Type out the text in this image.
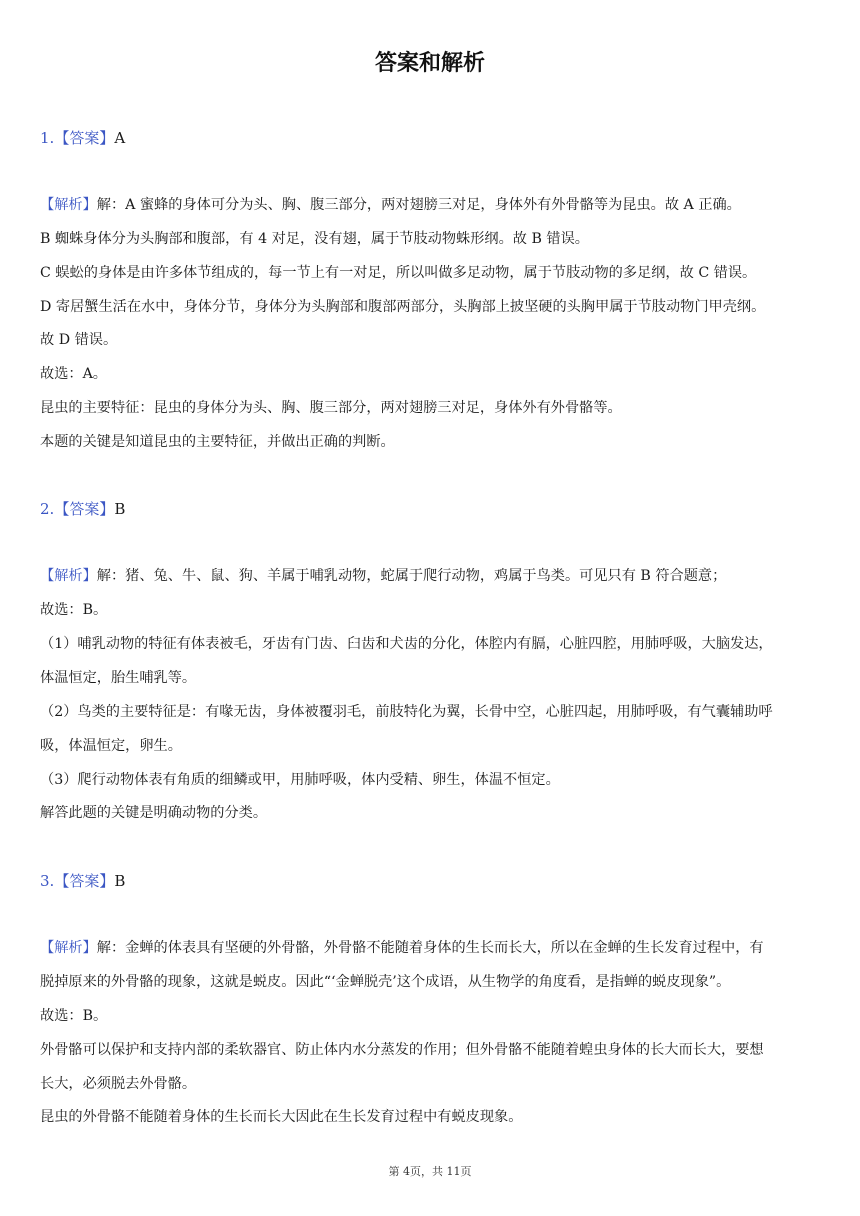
答案和解析
1.【答案】A
【解析】解：A 蜜蜂的身体可分为头、胸、腹三部分，两对翅膀三对足，身体外有外骨骼等为昆虫。故 A 正确。
B 蜘蛛身体分为头胸部和腹部，有 4 对足，没有翅，属于节肢动物蛛形纲。故 B 错误。
C 蜈蚣的身体是由许多体节组成的，每一节上有一对足，所以叫做多足动物，属于节肢动物的多足纲，故 C 错误。
D 寄居蟹生活在水中，身体分节，身体分为头胸部和腹部两部分，头胸部上披坚硬的头胸甲属于节肢动物门甲壳纲。
故 D 错误。
故选：A。
昆虫的主要特征：昆虫的身体分为头、胸、腹三部分，两对翅膀三对足，身体外有外骨骼等。
本题的关键是知道昆虫的主要特征，并做出正确的判断。
2.【答案】B
【解析】解：猪、兔、牛、鼠、狗、羊属于哺乳动物，蛇属于爬行动物，鸡属于鸟类。可见只有 B 符合题意；
故选：B。
（1）哺乳动物的特征有体表被毛，牙齿有门齿、臼齿和犬齿的分化，体腔内有膈，心脏四腔，用肺呼吸，大脑发达，
体温恒定，胎生哺乳等。
（2）鸟类的主要特征是：有喙无齿，身体被覆羽毛，前肢特化为翼，长骨中空，心脏四起，用肺呼吸，有气囊辅助呼
吸，体温恒定，卵生。
（3）爬行动物体表有角质的细鳞或甲，用肺呼吸，体内受精、卵生，体温不恒定。
解答此题的关键是明确动物的分类。
3.【答案】B
【解析】解：金蝉的体表具有坚硬的外骨骼，外骨骼不能随着身体的生长而长大，所以在金蝉的生长发育过程中，有
脱掉原来的外骨骼的现象，这就是蜕皮。因此“‘金蝉脱壳’这个成语，从生物学的角度看，是指蝉的蜕皮现象”。
故选：B。
外骨骼可以保护和支持内部的柔软器官、防止体内水分蒸发的作用；但外骨骼不能随着蝗虫身体的长大而长大，要想
长大，必须脱去外骨骼。
昆虫的外骨骼不能随着身体的生长而长大因此在生长发育过程中有蜕皮现象。
第 4页，共 11页
